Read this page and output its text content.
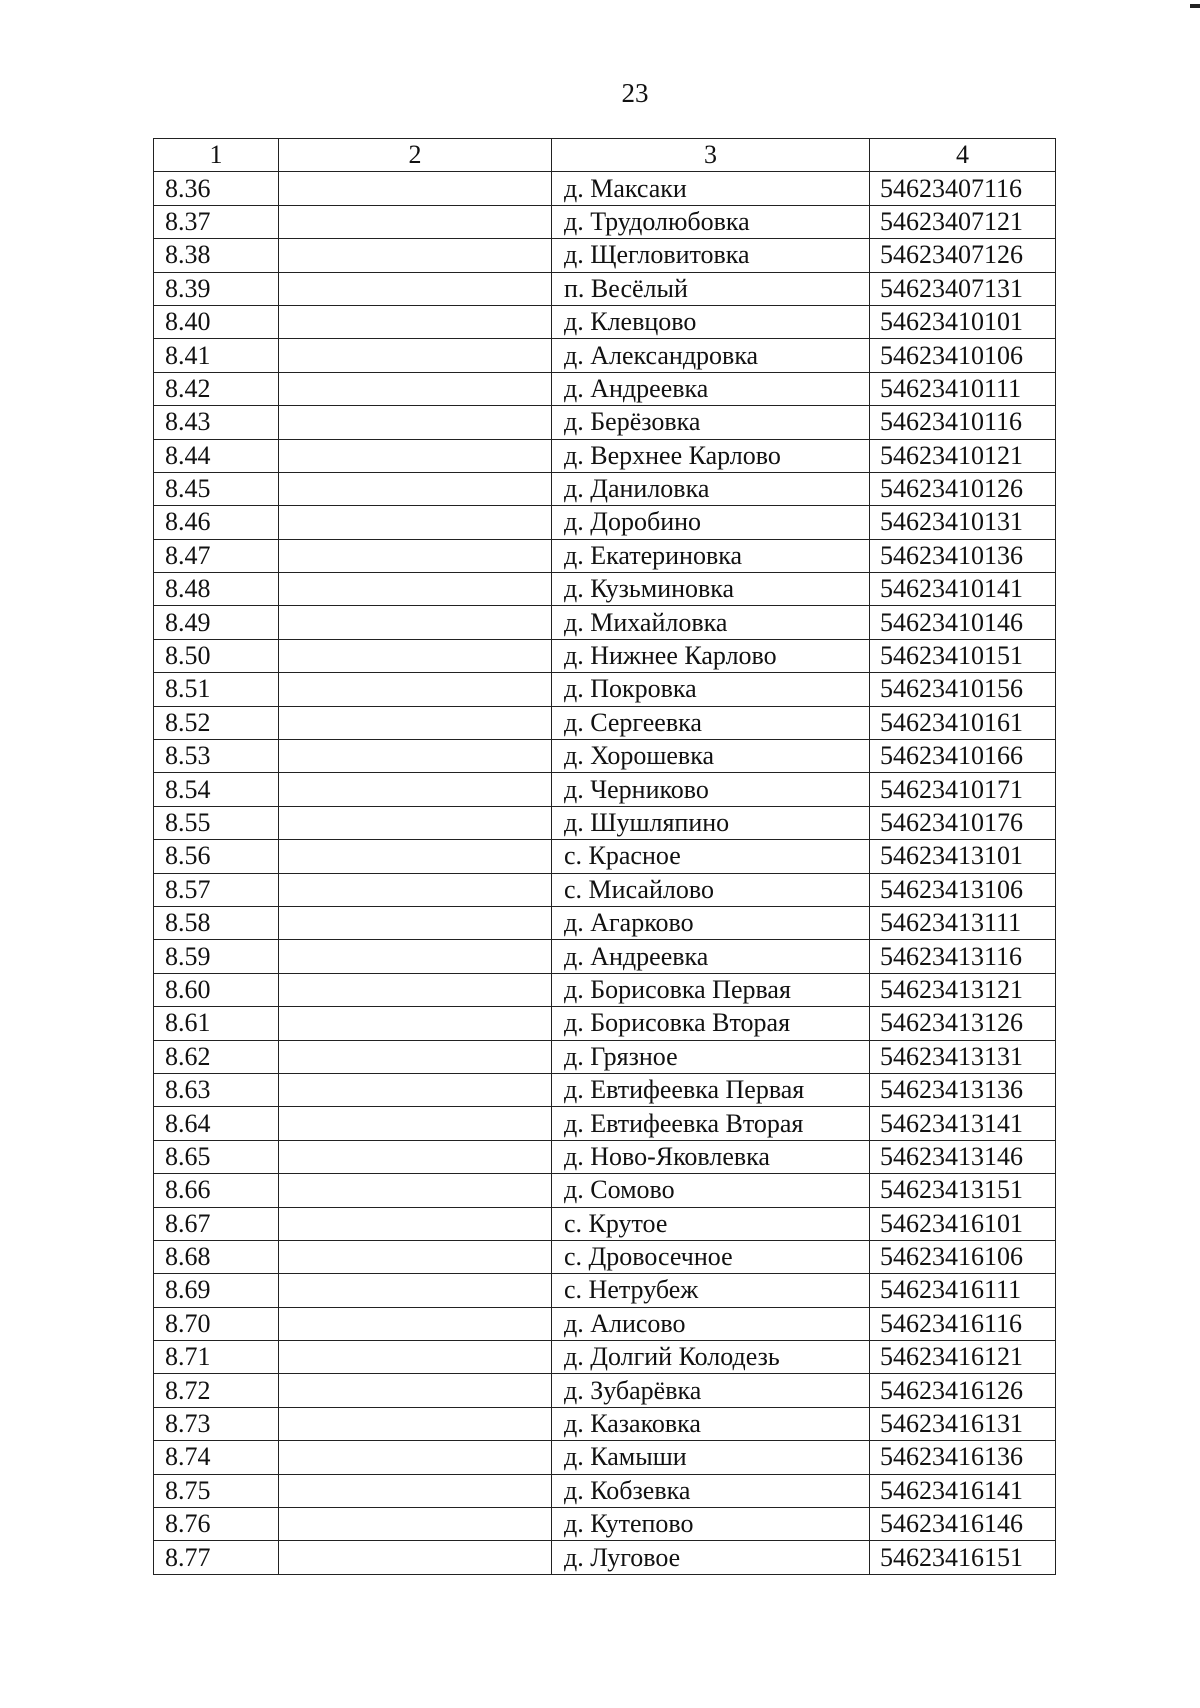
23
1	2	3	4
8.36		д. Максаки	54623407116
8.37		д. Трудолюбовка	54623407121
8.38		д. Щегловитовка	54623407126
8.39		п. Весёлый	54623407131
8.40		д. Клевцово	54623410101
8.41		д. Александровка	54623410106
8.42		д. Андреевка	54623410111
8.43		д. Берёзовка	54623410116
8.44		д. Верхнее Карлово	54623410121
8.45		д. Даниловка	54623410126
8.46		д. Доробино	54623410131
8.47		д. Екатериновка	54623410136
8.48		д. Кузьминовка	54623410141
8.49		д. Михайловка	54623410146
8.50		д. Нижнее Карлово	54623410151
8.51		д. Покровка	54623410156
8.52		д. Сергеевка	54623410161
8.53		д. Хорошевка	54623410166
8.54		д. Черниково	54623410171
8.55		д. Шушляпино	54623410176
8.56		с. Красное	54623413101
8.57		с. Мисайлово	54623413106
8.58		д. Агарково	54623413111
8.59		д. Андреевка	54623413116
8.60		д. Борисовка Первая	54623413121
8.61		д. Борисовка Вторая	54623413126
8.62		д. Грязное	54623413131
8.63		д. Евтифеевка Первая	54623413136
8.64		д. Евтифеевка Вторая	54623413141
8.65		д. Ново-Яковлевка	54623413146
8.66		д. Сомово	54623413151
8.67		с. Крутое	54623416101
8.68		с. Дровосечное	54623416106
8.69		с. Нетрубеж	54623416111
8.70		д. Алисово	54623416116
8.71		д. Долгий Колодезь	54623416121
8.72		д. Зубарёвка	54623416126
8.73		д. Казаковка	54623416131
8.74		д. Камыши	54623416136
8.75		д. Кобзевка	54623416141
8.76		д. Кутепово	54623416146
8.77		д. Луговое	54623416151
